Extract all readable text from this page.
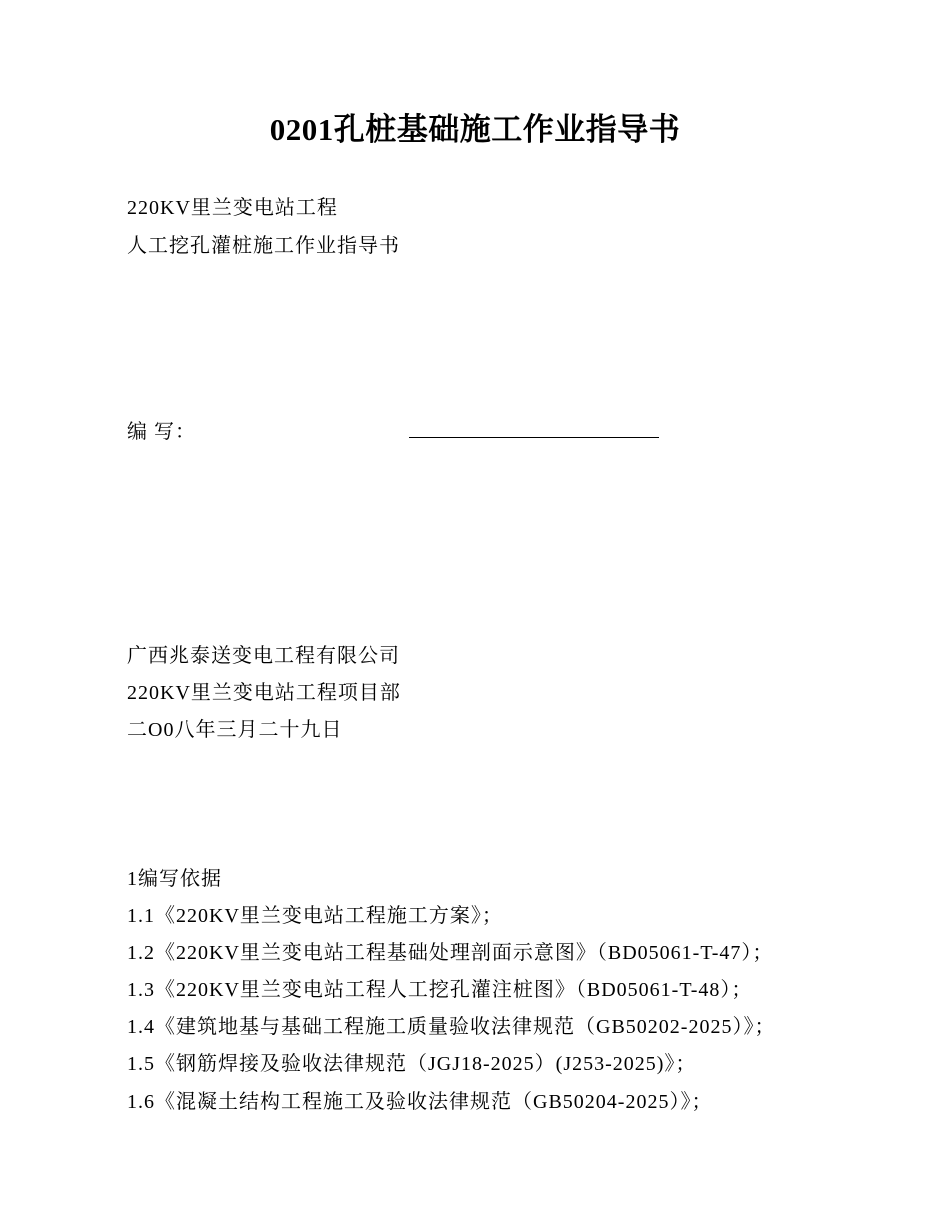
0201孔桩基础施工作业指导书
220KV里兰变电站工程
人工挖孔灌桩施工作业指导书
编 写：
广西兆泰送变电工程有限公司
220KV里兰变电站工程项目部
二O0八年三月二十九日
1编写依据
1.1《220KV里兰变电站工程施工方案》；
1.2《220KV里兰变电站工程基础处理剖面示意图》（BD05061-T-47）；
1.3《220KV里兰变电站工程人工挖孔灌注桩图》（BD05061-T-48）；
1.4《建筑地基与基础工程施工质量验收法律规范（GB50202-2025）》；
1.5《钢筋焊接及验收法律规范（JGJ18-2025）(J253-2025)》；
1.6《混凝土结构工程施工及验收法律规范（GB50204-2025）》；
